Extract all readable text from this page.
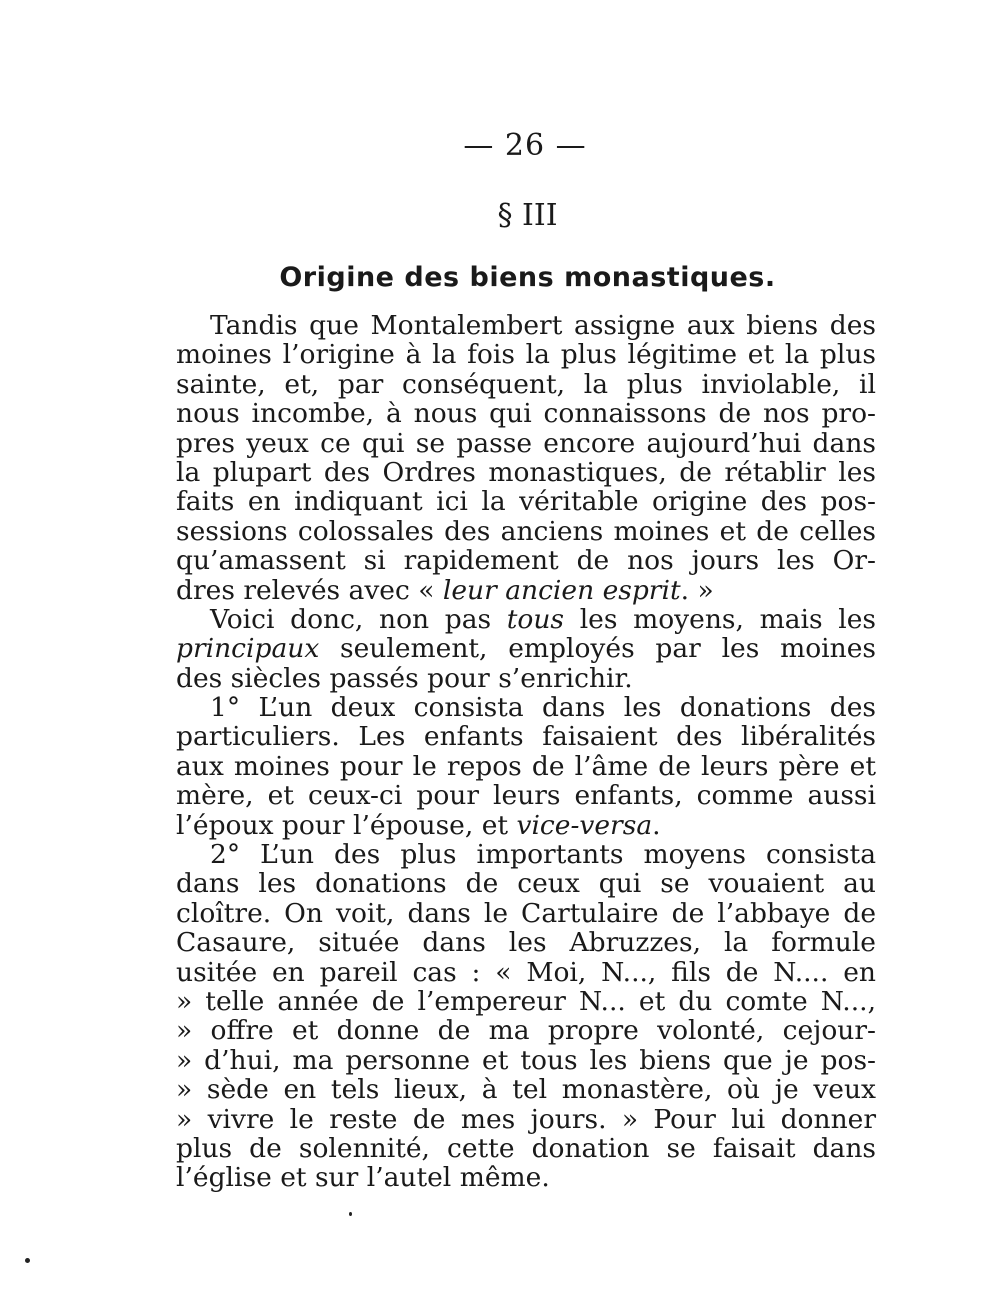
— 26 —
§ III
Origine des biens monastiques.
Tandis que Montalembert assigne aux biens des
moines l’origine à la fois la plus légitime et la plus
sainte, et, par conséquent, la plus inviolable, il
nous incombe, à nous qui connaissons de nos pro-
pres yeux ce qui se passe encore aujourd’hui dans
la plupart des Ordres monastiques, de rétablir les
faits en indiquant ici la véritable origine des pos-
sessions colossales des anciens moines et de celles
qu’amassent si rapidement de nos jours les Or-
dres relevés avec « leur ancien esprit. »
Voici donc, non pas tous les moyens, mais les
principaux seulement, employés par les moines
des siècles passés pour s’enrichir.
1° L’un deux consista dans les donations des
particuliers. Les enfants faisaient des libéralités
aux moines pour le repos de l’âme de leurs père et
mère, et ceux-ci pour leurs enfants, comme aussi
l’époux pour l’épouse, et vice-versa.
2° L’un des plus importants moyens consista
dans les donations de ceux qui se vouaient au
cloître. On voit, dans le Cartulaire de l’abbaye de
Casaure, située dans les Abruzzes, la formule
usitée en pareil cas : « Moi, N..., fils de N.... en
» telle année de l’empereur N... et du comte N...,
» offre et donne de ma propre volonté, cejour-
» d’hui, ma personne et tous les biens que je pos-
» sède en tels lieux, à tel monastère, où je veux
» vivre le reste de mes jours. » Pour lui donner
plus de solennité, cette donation se faisait dans
l’église et sur l’autel même.
